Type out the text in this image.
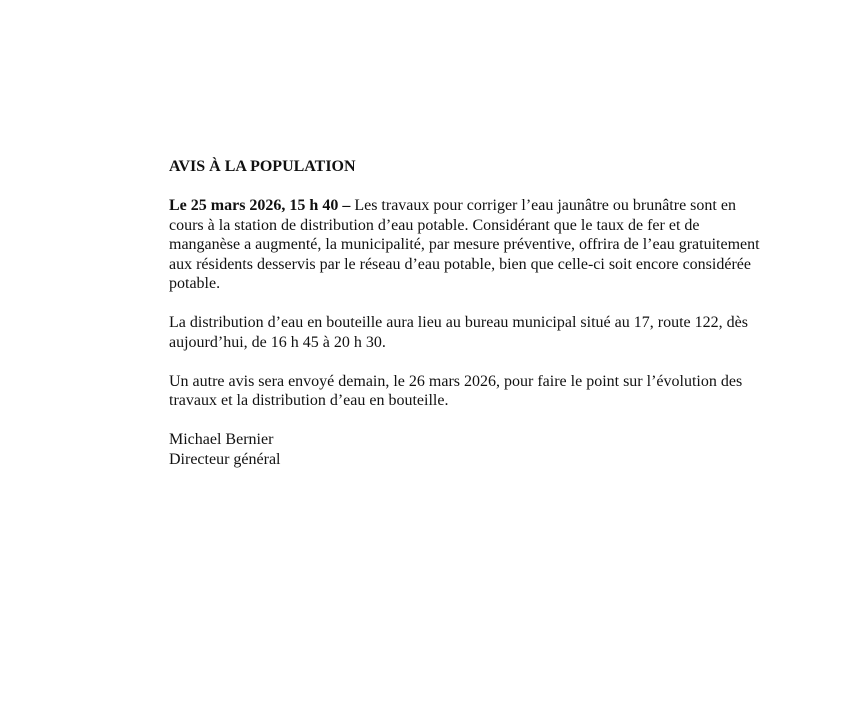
AVIS À LA POPULATION
Le 25 mars 2026, 15 h 40 – Les travaux pour corriger l’eau jaunâtre ou brunâtre sont en
cours à la station de distribution d’eau potable. Considérant que le taux de fer et de
manganèse a augmenté, la municipalité, par mesure préventive, offrira de l’eau gratuitement
aux résidents desservis par le réseau d’eau potable, bien que celle-ci soit encore considérée
potable.
La distribution d’eau en bouteille aura lieu au bureau municipal situé au 17, route 122, dès
aujourd’hui, de 16 h 45 à 20 h 30.
Un autre avis sera envoyé demain, le 26 mars 2026, pour faire le point sur l’évolution des
travaux et la distribution d’eau en bouteille.
Michael Bernier
Directeur général
